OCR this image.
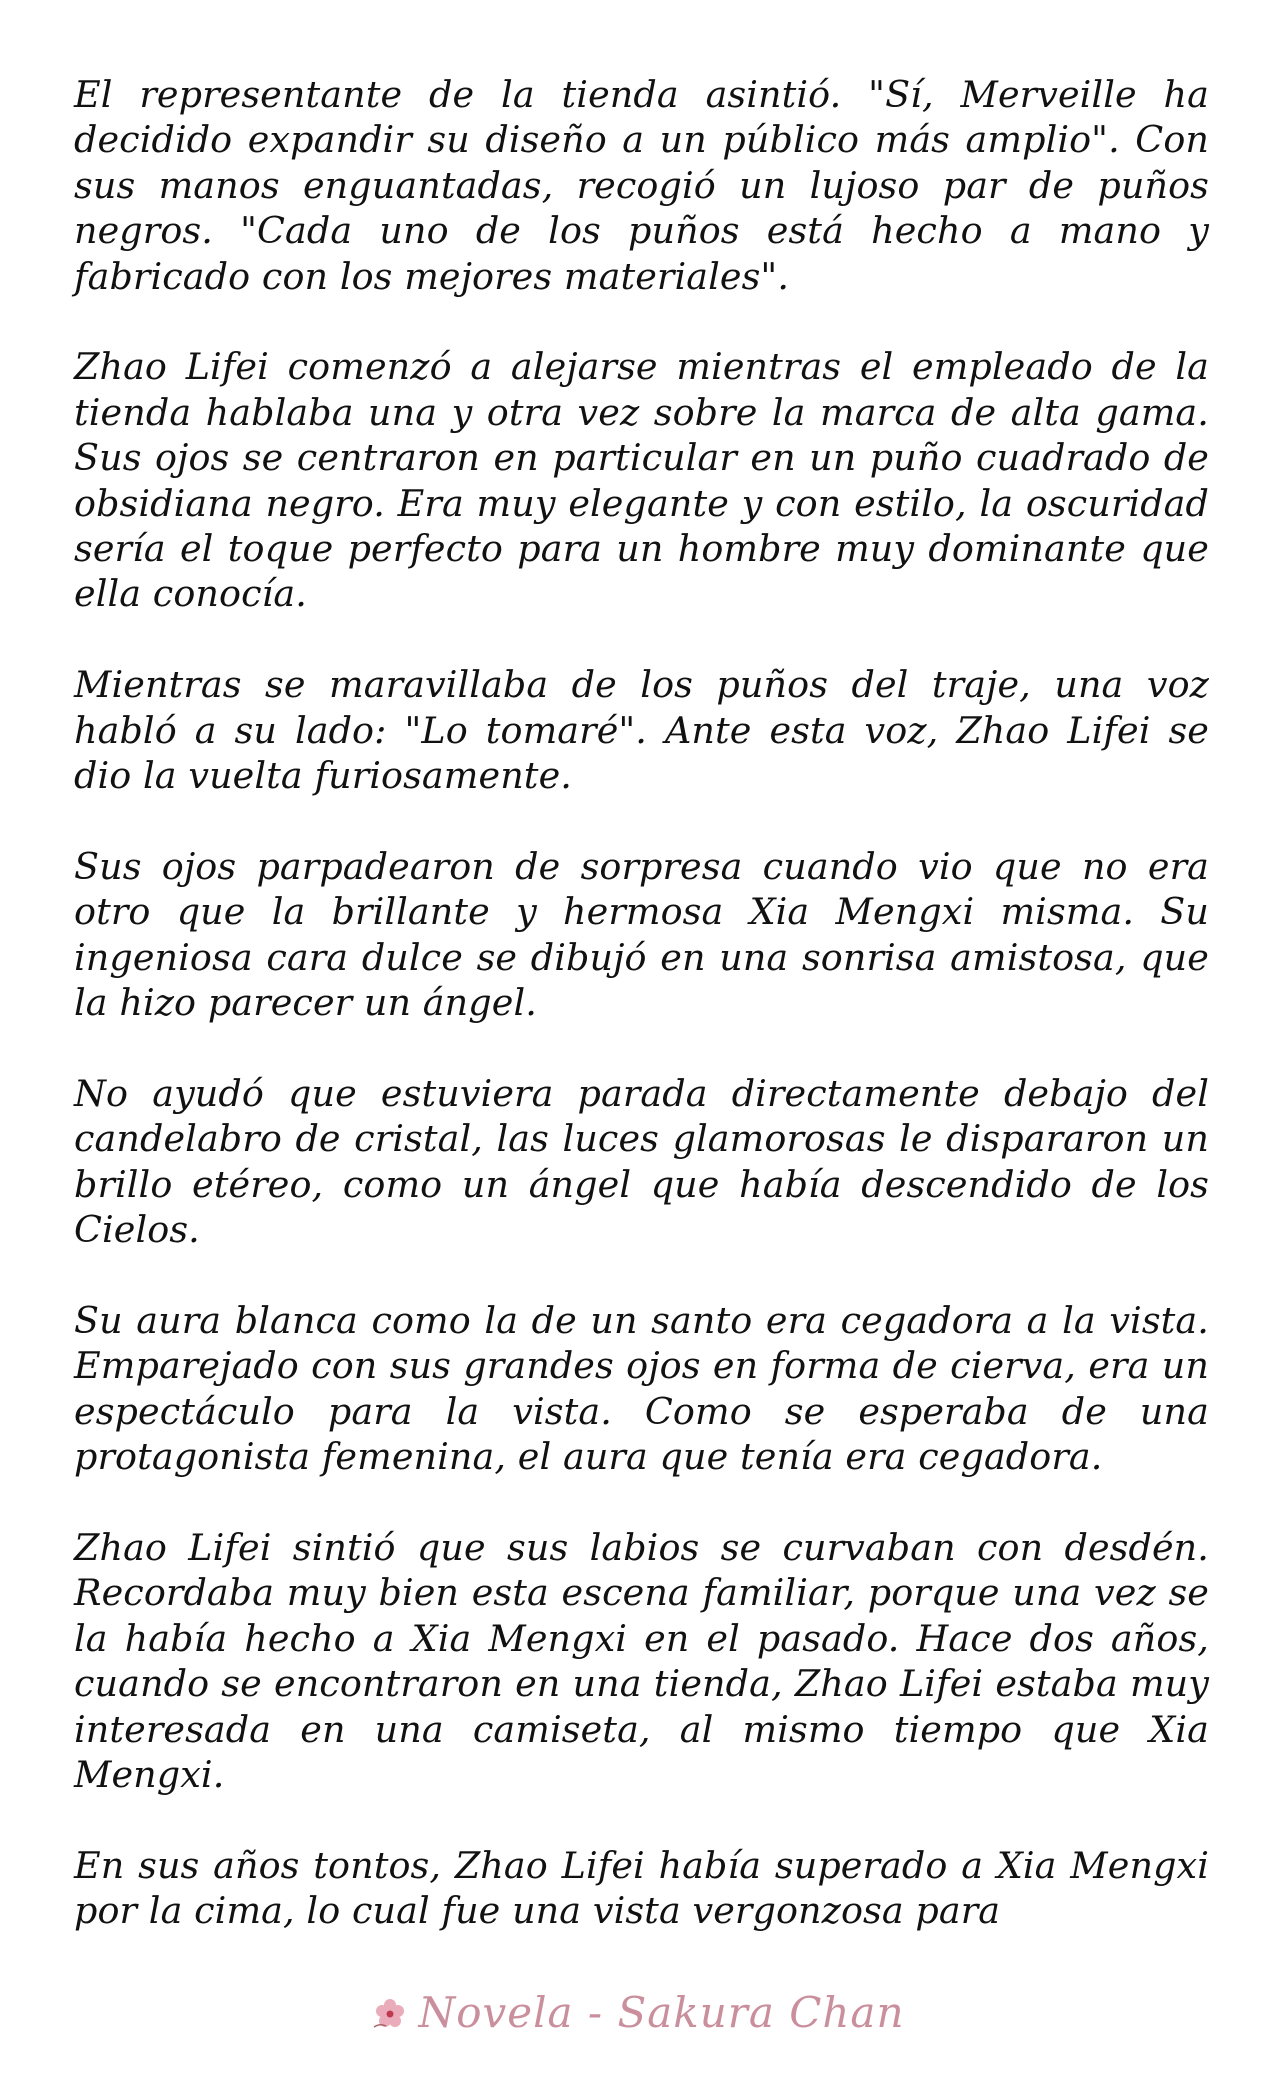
El representante de la tienda asintió. "Sí, Merveille ha decidido expandir su diseño a un público más amplio". Con sus manos enguantadas, recogió un lujoso par de puños negros. "Cada uno de los puños está hecho a mano y fabricado con los mejores materiales".

Zhao Lifei comenzó a alejarse mientras el empleado de la tienda hablaba una y otra vez sobre la marca de alta gama. Sus ojos se centraron en particular en un puño cuadrado de obsidiana negro. Era muy elegante y con estilo, la oscuridad sería el toque perfecto para un hombre muy dominante que ella conocía.

Mientras se maravillaba de los puños del traje, una voz habló a su lado: "Lo tomaré". Ante esta voz, Zhao Lifei se dio la vuelta furiosamente.

Sus ojos parpadearon de sorpresa cuando vio que no era otro que la brillante y hermosa Xia Mengxi misma. Su ingeniosa cara dulce se dibujó en una sonrisa amistosa, que la hizo parecer un ángel.

No ayudó que estuviera parada directamente debajo del candelabro de cristal, las luces glamorosas le dispararon un brillo etéreo, como un ángel que había descendido de los Cielos.

Su aura blanca como la de un santo era cegadora a la vista. Emparejado con sus grandes ojos en forma de cierva, era un espectáculo para la vista. Como se esperaba de una protagonista femenina, el aura que tenía era cegadora.

Zhao Lifei sintió que sus labios se curvaban con desdén. Recordaba muy bien esta escena familiar, porque una vez se la había hecho a Xia Mengxi en el pasado. Hace dos años, cuando se encontraron en una tienda, Zhao Lifei estaba muy interesada en una camiseta, al mismo tiempo que Xia Mengxi.

En sus años tontos, Zhao Lifei había superado a Xia Mengxi por la cima, lo cual fue una vista vergonzosa para

Novela - Sakura Chan
